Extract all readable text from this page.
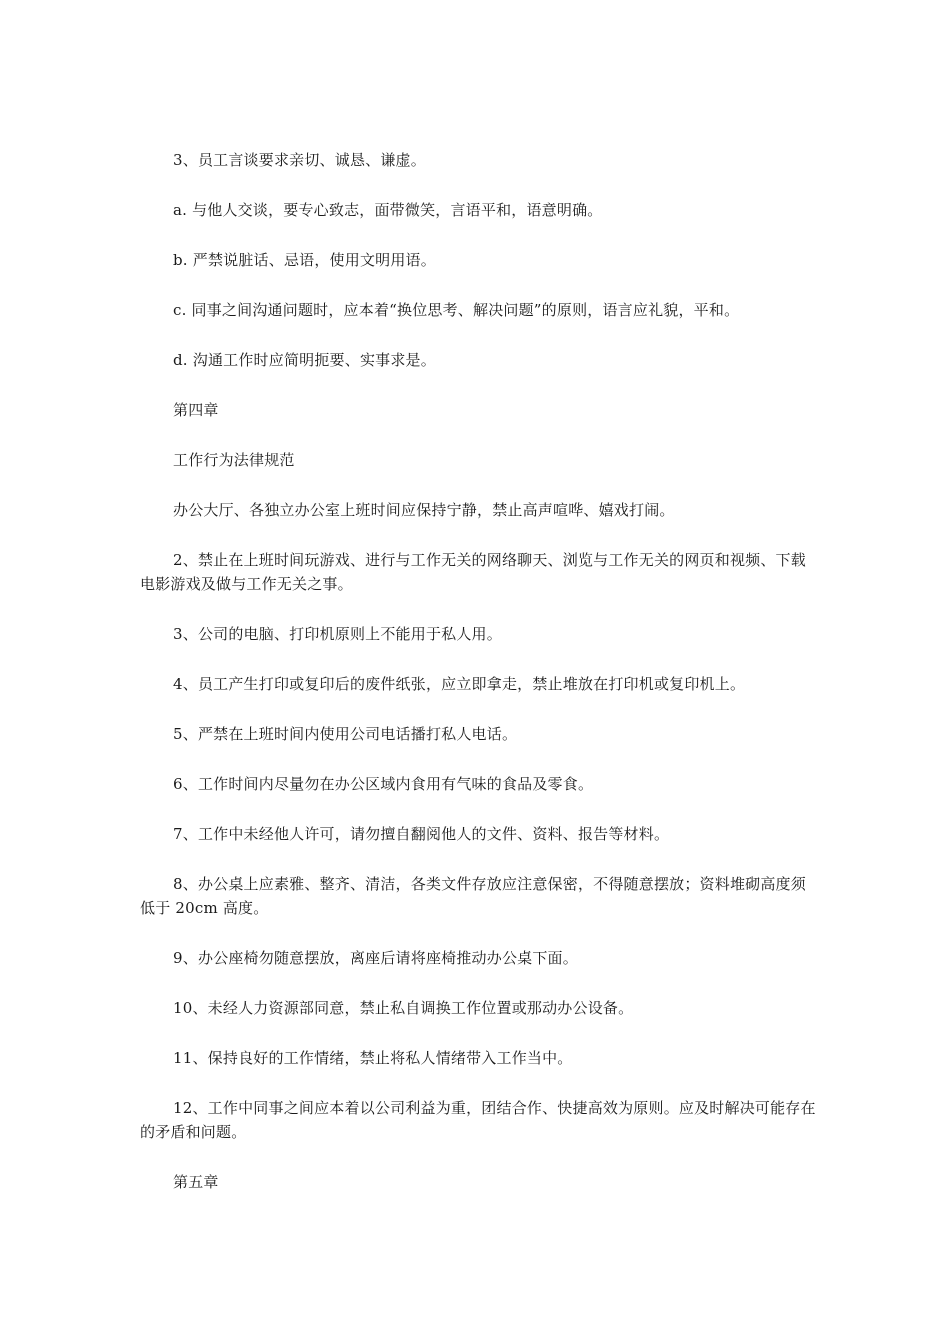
3、员工言谈要求亲切、诚恳、谦虚。

a. 与他人交谈，要专心致志，面带微笑，言语平和，语意明确。

b. 严禁说脏话、忌语，使用文明用语。

c. 同事之间沟通问题时，应本着“换位思考、解决问题”的原则，语言应礼貌，平和。

d. 沟通工作时应简明扼要、实事求是。

第四章

工作行为法律规范

办公大厅、各独立办公室上班时间应保持宁静，禁止高声喧哗、嬉戏打闹。

2、禁止在上班时间玩游戏、进行与工作无关的网络聊天、浏览与工作无关的网页和视频、下载电影游戏及做与工作无关之事。

3、公司的电脑、打印机原则上不能用于私人用。

4、员工产生打印或复印后的废件纸张，应立即拿走，禁止堆放在打印机或复印机上。

5、严禁在上班时间内使用公司电话播打私人电话。

6、工作时间内尽量勿在办公区域内食用有气味的食品及零食。

7、工作中未经他人许可，请勿擅自翻阅他人的文件、资料、报告等材料。

8、办公桌上应素雅、整齐、清洁，各类文件存放应注意保密，不得随意摆放；资料堆砌高度须低于 20cm 高度。

9、办公座椅勿随意摆放，离座后请将座椅推动办公桌下面。

10、未经人力资源部同意，禁止私自调换工作位置或那动办公设备。

11、保持良好的工作情绪，禁止将私人情绪带入工作当中。

12、工作中同事之间应本着以公司利益为重，团结合作、快捷高效为原则。应及时解决可能存在的矛盾和问题。

第五章
